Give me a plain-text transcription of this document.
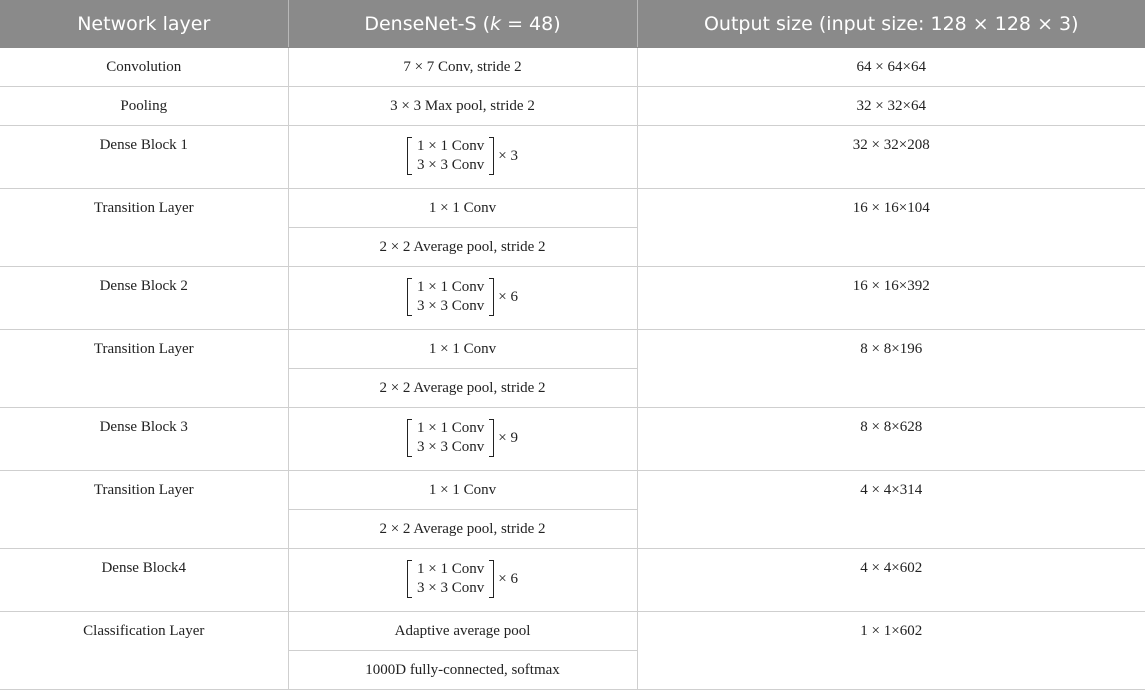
Network layer	DenseNet-S (k = 48)	Output size (input size: 128 × 128 × 3)

Convolution	7 × 7 Conv, stride 2	64 × 64×64

Pooling	3 × 3 Max pool, stride 2	32 × 32×64

Dense Block 1	1 × 1 Conv
3 × 3 Conv
× 3	32 × 32×208

Transition Layer	1 × 1 Conv	16 × 16×104

	2 × 2 Average pool, stride 2	

Dense Block 2	1 × 1 Conv
3 × 3 Conv
× 6	16 × 16×392

Transition Layer	1 × 1 Conv	8 × 8×196

	2 × 2 Average pool, stride 2	

Dense Block 3	1 × 1 Conv
3 × 3 Conv
× 9	8 × 8×628

Transition Layer	1 × 1 Conv	4 × 4×314

	2 × 2 Average pool, stride 2	

Dense Block4	1 × 1 Conv
3 × 3 Conv
× 6	4 × 4×602

Classification Layer	Adaptive average pool	1 × 1×602

	1000D fully-connected, softmax	
